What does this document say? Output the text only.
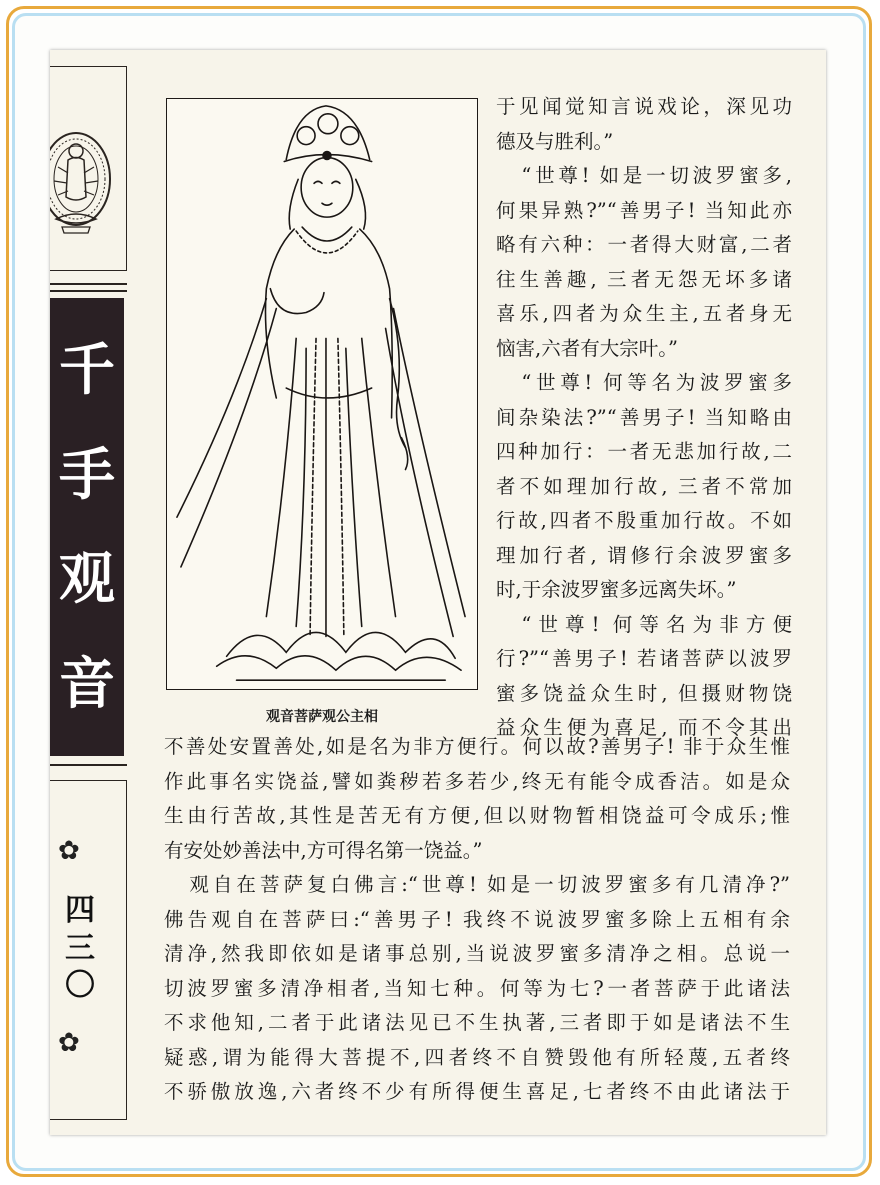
千
手
观
音
✿
四
三
〇
✿
观音菩萨观公主相
于见闻觉知言说戏论，深见功
德及与胜利。”
“世尊! 如是一切波罗蜜多,
何果异熟?”“善男子! 当知此亦
略有六种：一者得大财富,二者
往生善趣, 三者无怨无坏多诸
喜乐,四者为众生主,五者身无
恼害,六者有大宗叶。”
“世尊! 何等名为波罗蜜多
间杂染法?”“善男子! 当知略由
四种加行：一者无悲加行故,二
者不如理加行故, 三者不常加
行故,四者不殷重加行故。不如
理加行者, 谓修行余波罗蜜多
时,于余波罗蜜多远离失坏。”
“世尊! 何等名为非方便
行?”“善男子! 若诸菩萨以波罗
蜜多饶益众生时, 但摄财物饶
益众生便为喜足, 而不令其出
不善处安置善处,如是名为非方便行。何以故?善男子! 非于众生惟
作此事名实饶益,譬如粪秽若多若少,终无有能令成香洁。如是众
生由行苦故,其性是苦无有方便,但以财物暂相饶益可令成乐;惟
有安处妙善法中,方可得名第一饶益。”
观自在菩萨复白佛言:“世尊! 如是一切波罗蜜多有几清净?”
佛告观自在菩萨曰:“善男子! 我终不说波罗蜜多除上五相有余
清净,然我即依如是诸事总别,当说波罗蜜多清净之相。总说一
切波罗蜜多清净相者,当知七种。何等为七?一者菩萨于此诸法
不求他知,二者于此诸法见已不生执著,三者即于如是诸法不生
疑惑,谓为能得大菩提不,四者终不自赞毁他有所轻蔑,五者终
不骄傲放逸,六者终不少有所得便生喜足,七者终不由此诸法于
